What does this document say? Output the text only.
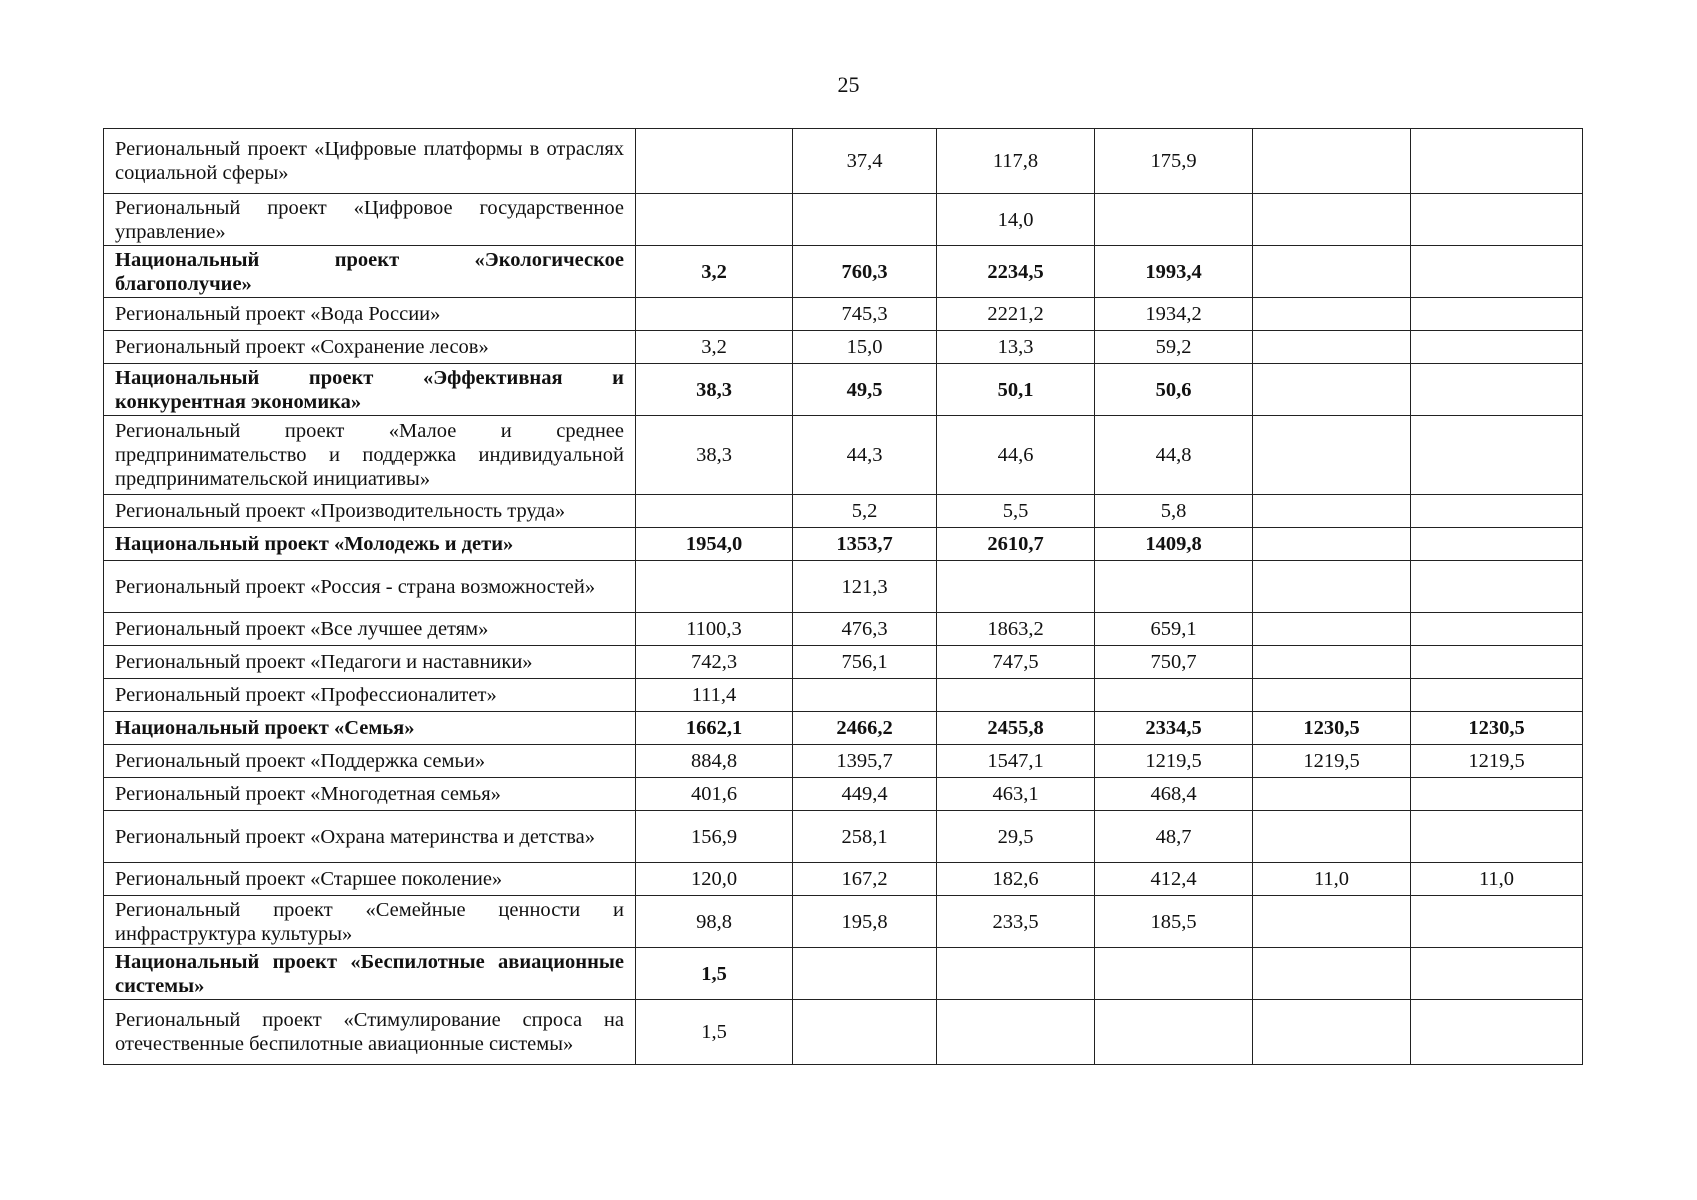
25
Региональный проект «Цифровые платформы в отраслях социальной сферы»		37,4	117,8	175,9		
Региональный проект «Цифровое государственное управление»			14,0			
Национальный проект «Экологическое благополучие»	3,2	760,3	2234,5	1993,4		
Региональный проект «Вода России»		745,3	2221,2	1934,2		
Региональный проект «Сохранение лесов»	3,2	15,0	13,3	59,2		
Национальный проект «Эффективная и конкурентная экономика»	38,3	49,5	50,1	50,6		
Региональный проект «Малое и среднее предпринимательство и поддержка индивидуальной предпринимательской инициативы»	38,3	44,3	44,6	44,8		
Региональный проект «Производительность труда»		5,2	5,5	5,8		
Национальный проект «Молодежь и дети»	1954,0	1353,7	2610,7	1409,8		
Региональный проект «Россия - страна возможностей»		121,3				
Региональный проект «Все лучшее детям»	1100,3	476,3	1863,2	659,1		
Региональный проект «Педагоги и наставники»	742,3	756,1	747,5	750,7		
Региональный проект «Профессионалитет»	111,4					
Национальный проект «Семья»	1662,1	2466,2	2455,8	2334,5	1230,5	1230,5
Региональный проект «Поддержка семьи»	884,8	1395,7	1547,1	1219,5	1219,5	1219,5
Региональный проект «Многодетная семья»	401,6	449,4	463,1	468,4		
Региональный проект «Охрана материнства и детства»	156,9	258,1	29,5	48,7		
Региональный проект «Старшее поколение»	120,0	167,2	182,6	412,4	11,0	11,0
Региональный проект «Семейные ценности и инфраструктура культуры»	98,8	195,8	233,5	185,5		
Национальный проект «Беспилотные авиационные системы»	1,5					
Региональный проект «Стимулирование спроса на отечественные беспилотные авиационные системы»	1,5					
